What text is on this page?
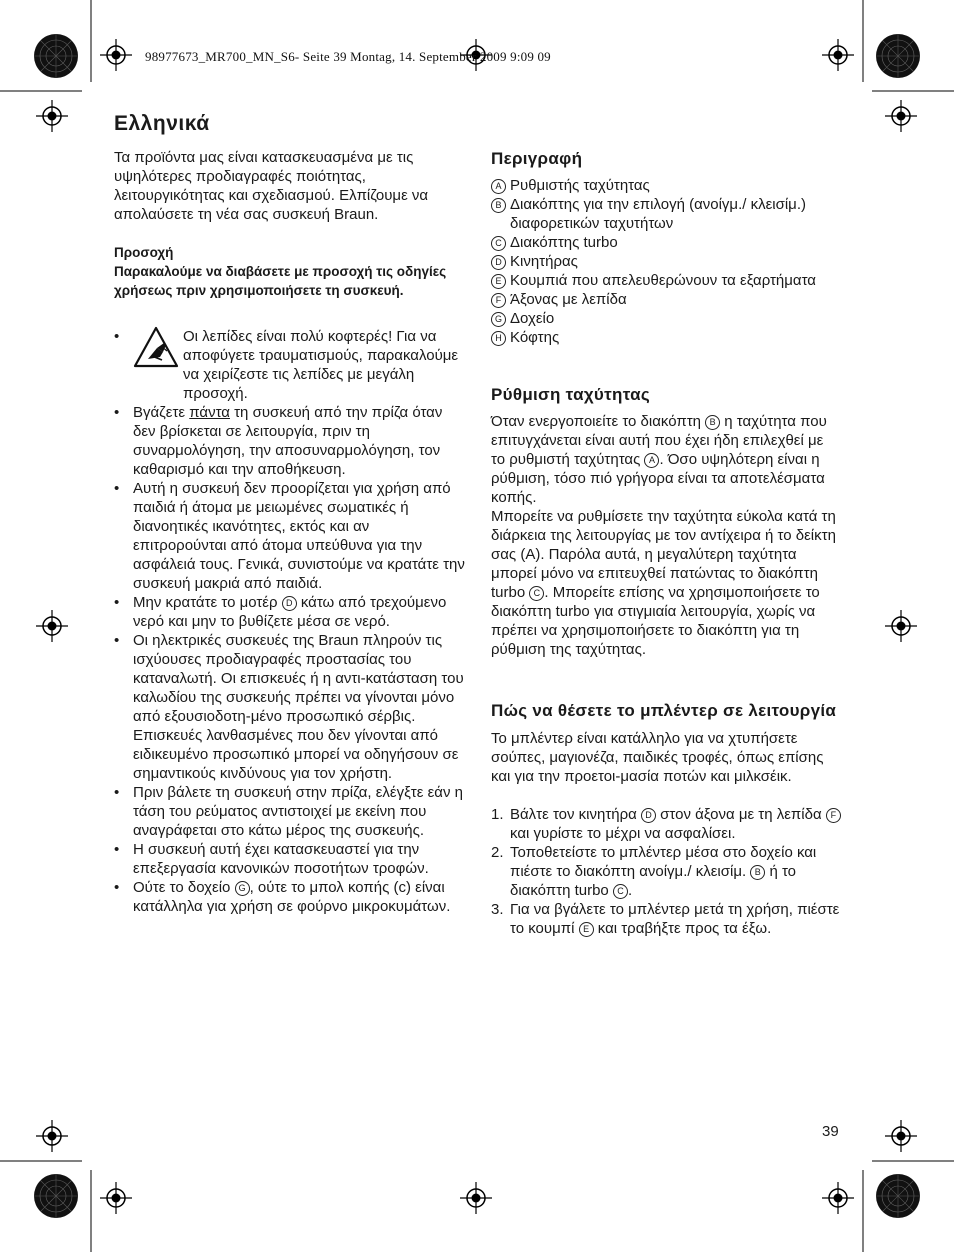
98977673_MR700_MN_S6- Seite 39 Montag, 14. September 2009 9:09 09
Ελληνικά

Τα προϊόντα μας είναι κατασκευασμένα με τις υψηλότερες προδιαγραφές ποιότητας, λειτουργικότητας και σχεδιασμού. Ελπίζουμε να απολαύσετε τη νέα σας συσκευή Braun.

Προσοχή
Παρακαλούμε να διαβάσετε με προσοχή τις οδηγίες χρήσεως πριν χρησιμοποιήσετε τη συσκευή.
• Οι λεπίδες είναι πολύ κοφτερές! Για να αποφύγετε τραυματισμούς, παρακαλούμε να χειρίζεστε τις λεπίδες με μεγάλη προσοχή.
• Βγάζετε πάντα τη συσκευή από την πρίζα όταν δεν βρίσκεται σε λειτουργία, πριν τη συναρμολόγηση, την αποσυναρμολόγηση, τον καθαρισμό και την αποθήκευση.
• Αυτή η συσκευή δεν προορίζεται για χρήση από παιδιά ή άτομα με μειωμένες σωματικές ή διανοητικές ικανότητες, εκτός και αν επιτρορούνται από άτομα υπεύθυνα για την ασφάλειά τους. Γενικά, συνιστούμε να κρατάτε την συσκευή μακριά από παιδιά.
• Μην κρατάτε το μοτέρ D κάτω από τρεχούμενο νερό και μην το βυθίζετε μέσα σε νερό.
• Οι ηλεκτρικές συσκευές της Braun πληρούν τις ισχύουσες προδιαγραφές προστασίας του καταναλωτή. Οι επισκευές ή η αντι-κατάσταση του καλωδίου της συσκευής πρέπει να γίνονται μόνο από εξουσιοδοτη-μένο προσωπικό σέρβις. Επισκευές λανθασμένες που δεν γίνονται από ειδικευμένο προσωπικό μπορεί να οδηγήσουν σε σημαντικούς κινδύνους για τον χρήστη.
• Πριν βάλετε τη συσκευή στην πρίζα, ελέγξτε εάν η τάση του ρεύματος αντιστοιχεί με εκείνη που αναγράφεται στο κάτω μέρος της συσκευής.
• Η συσκευή αυτή έχει κατασκευαστεί για την επεξεργασία κανονικών ποσοτήτων τροφών.
• Ούτε το δοχείο G , ούτε το μπολ κοπής (c) είναι κατάλληλα για χρήση σε φούρνο μικροκυμάτων.
Περιγραφή
A Ρυθμιστής ταχύτητας
B Διακόπτης για την επιλογή (ανοίγμ./ κλεισίμ.) διαφορετικών ταχυτήτων
C Διακόπτης turbo
D Κινητήρας
E Κουμπιά που απελευθερώνουν τα εξαρτήματα
F Άξονας με λεπίδα
G Δοχείο
H Κόφτης
Ρύθμιση ταχύτητας

Όταν ενεργοποιείτε το διακόπτη B η ταχύτητα που επιτυγχάνεται είναι αυτή που έχει ήδη επιλεχθεί με το ρυθμιστή ταχύτητας A . Όσο υψηλότερη είναι η ρύθμιση, τόσο πιό γρήγορα είναι τα αποτελέσματα κοπής.

Μπορείτε να ρυθμίσετε την ταχύτητα εύκολα κατά τη διάρκεια της λειτουργίας με τον αντίχειρα ή το δείκτη σας (A). Παρόλα αυτά, η μεγαλύτερη ταχύτητα μπορεί μόνο να επιτευχθεί πατώντας το διακόπτη turbo C . Μπορείτε επίσης να χρησιμοποιήσετε το διακόπτη turbo για στιγμιαία λειτουργία, χωρίς να πρέπει να χρησιμοποιήσετε το διακόπτη για τη ρύθμιση της ταχύτητας.

Πώς να θέσετε το μπλέντερ σε λειτουργία

Το μπλέντερ είναι κατάλληλο για να χτυπήσετε σούπες, μαγιονέζα, παιδικές τροφές, όπως επίσης και για την προετοι-μασία ποτών και μιλκσέικ.

1. Βάλτε τον κινητήρα D στον άξονα με τη λεπίδα F και γυρίστε το μέχρι να ασφαλίσει.
2. Τοποθετείστε το μπλέντερ μέσα στο δοχείο και πιέστε το διακόπτη ανοίγμ./ κλεισίμ. B ή το διακόπτη turbo C .
3. Για να βγάλετε το μπλέντερ μετά τη χρήση, πιέστε το κουμπί E και τραβήξτε προς τα έξω.
39
